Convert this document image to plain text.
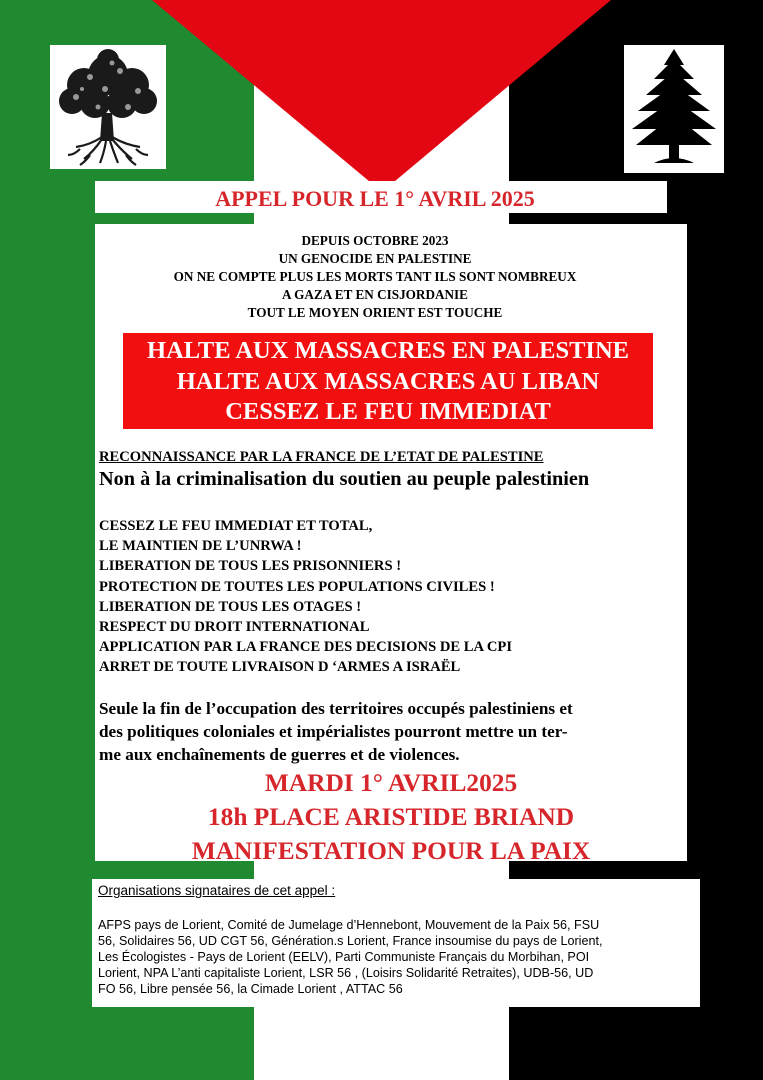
APPEL POUR LE 1° AVRIL 2025
DEPUIS OCTOBRE 2023
UN GENOCIDE EN PALESTINE
ON NE COMPTE PLUS LES MORTS TANT ILS SONT NOMBREUX
A GAZA ET EN CISJORDANIE
TOUT LE MOYEN ORIENT EST TOUCHE
HALTE AUX MASSACRES EN PALESTINE
HALTE AUX MASSACRES AU LIBAN
CESSEZ LE FEU IMMEDIAT
RECONNAISSANCE PAR LA FRANCE DE L’ETAT DE PALESTINE
Non à la criminalisation du soutien au peuple palestinien
CESSEZ LE FEU IMMEDIAT ET TOTAL,
LE MAINTIEN DE L’UNRWA !
LIBERATION DE TOUS LES PRISONNIERS !
PROTECTION DE TOUTES LES POPULATIONS CIVILES !
LIBERATION DE TOUS LES OTAGES !
RESPECT DU DROIT INTERNATIONAL
APPLICATION PAR LA FRANCE DES DECISIONS DE LA CPI
ARRET DE TOUTE LIVRAISON D ‘ARMES A ISRAËL
Seule la fin de l’occupation des territoires occupés palestiniens et
des politiques coloniales et impérialistes pourront mettre un ter-
me aux enchaînements de guerres et de violences.
MARDI 1° AVRIL2025
18h PLACE ARISTIDE BRIAND
MANIFESTATION POUR LA PAIX
Organisations signataires de cet appel :
AFPS pays de Lorient, Comité de Jumelage d’Hennebont, Mouvement de la Paix 56, FSU
56, Solidaires 56, UD CGT 56, Génération.s Lorient, France insoumise du pays de Lorient,
Les Écologistes - Pays de Lorient (EELV), Parti Communiste Français du Morbihan, POI
Lorient, NPA L’anti capitaliste Lorient, LSR 56 , (Loisirs Solidarité Retraites), UDB-56, UD
FO 56, Libre pensée 56, la Cimade Lorient , ATTAC 56
